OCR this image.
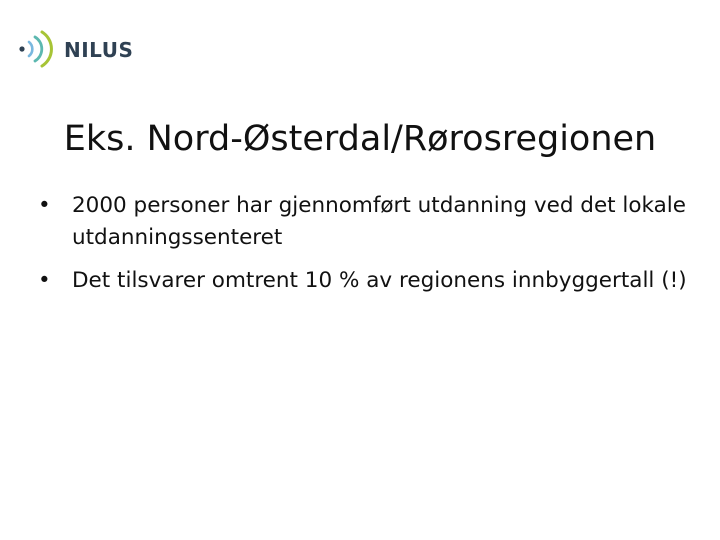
NILUS
Eks. Nord-Østerdal/Rørosregionen
• 2000 personer har gjennomført utdanning ved det lokale utdanningssenteret
• Det tilsvarer omtrent 10 % av regionens innbyggertall (!)
